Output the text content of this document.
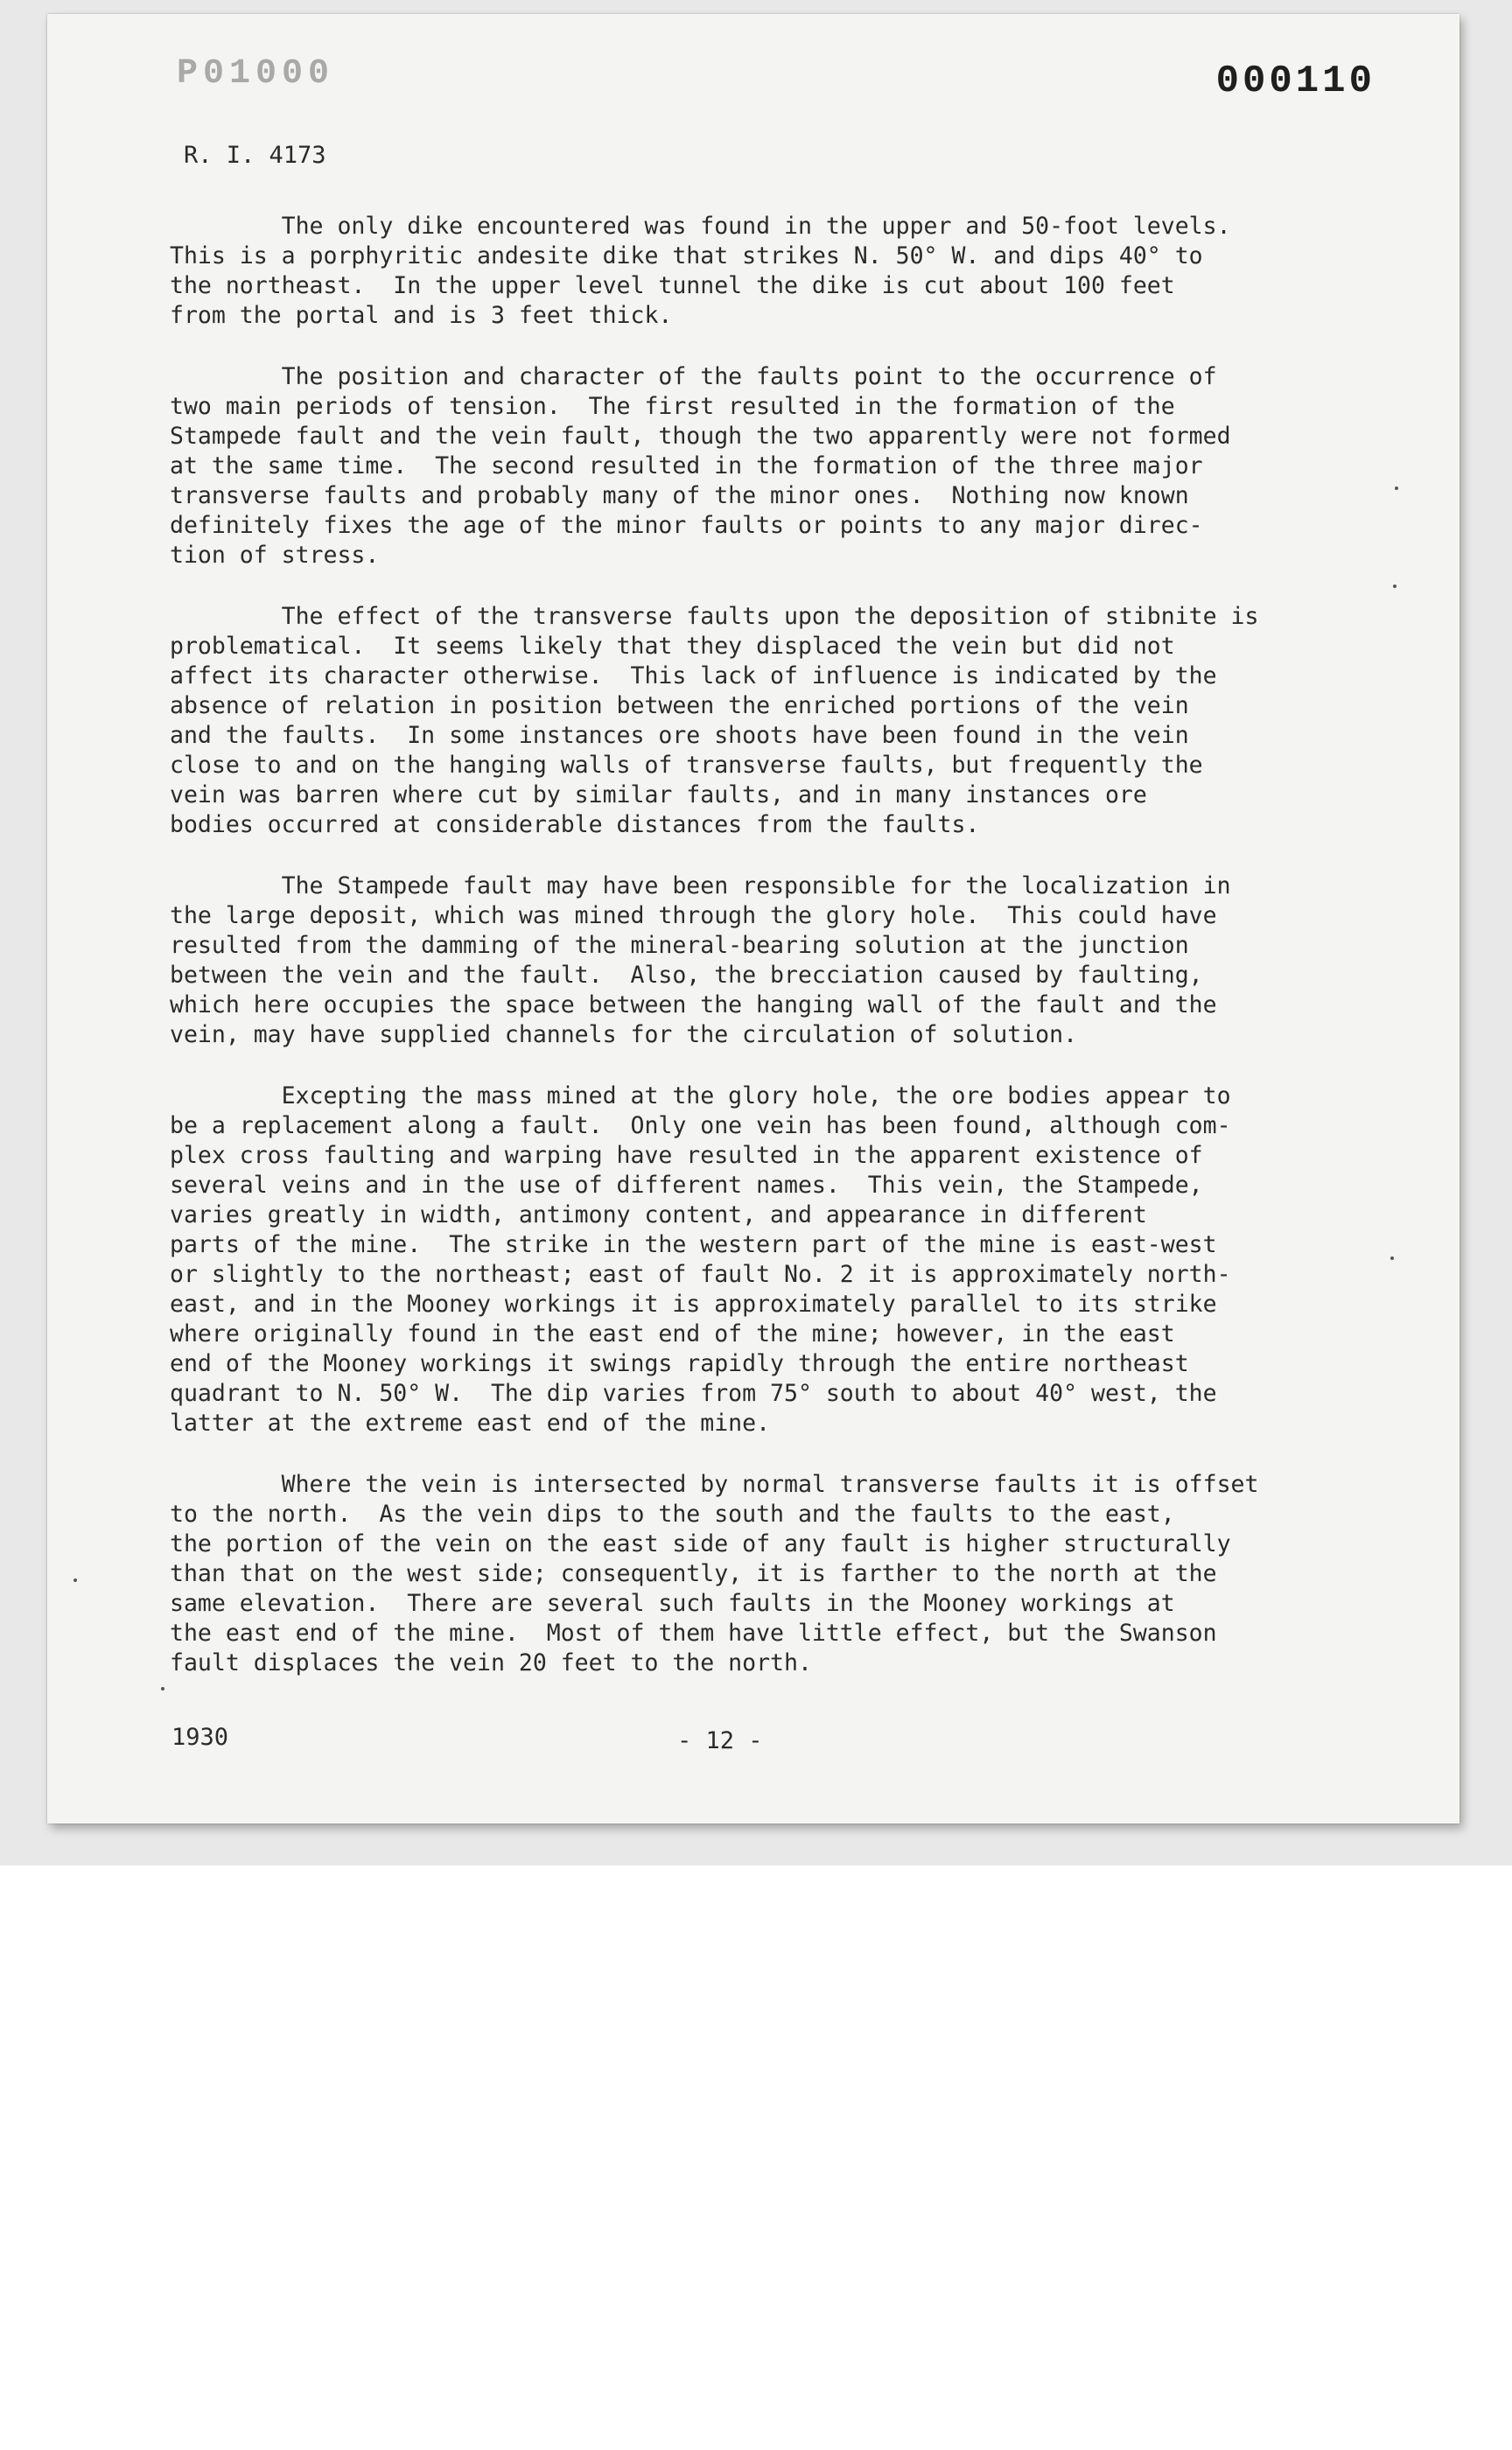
P01000	000110
R. I. 4173

The only dike encountered was found in the upper and 50-foot levels.
This is a porphyritic andesite dike that strikes N. 50° W. and dips 40° to
the northeast.  In the upper level tunnel the dike is cut about 100 feet
from the portal and is 3 feet thick.

The position and character of the faults point to the occurrence of
two main periods of tension.  The first resulted in the formation of the
Stampede fault and the vein fault, though the two apparently were not formed
at the same time.  The second resulted in the formation of the three major
transverse faults and probably many of the minor ones.  Nothing now known
definitely fixes the age of the minor faults or points to any major direc-
tion of stress.

The effect of the transverse faults upon the deposition of stibnite is
problematical.  It seems likely that they displaced the vein but did not
affect its character otherwise.  This lack of influence is indicated by the
absence of relation in position between the enriched portions of the vein
and the faults.  In some instances ore shoots have been found in the vein
close to and on the hanging walls of transverse faults, but frequently the
vein was barren where cut by similar faults, and in many instances ore
bodies occurred at considerable distances from the faults.

The Stampede fault may have been responsible for the localization in
the large deposit, which was mined through the glory hole.  This could have
resulted from the damming of the mineral-bearing solution at the junction
between the vein and the fault.  Also, the brecciation caused by faulting,
which here occupies the space between the hanging wall of the fault and the
vein, may have supplied channels for the circulation of solution.

Excepting the mass mined at the glory hole, the ore bodies appear to
be a replacement along a fault.  Only one vein has been found, although com-
plex cross faulting and warping have resulted in the apparent existence of
several veins and in the use of different names.  This vein, the Stampede,
varies greatly in width, antimony content, and appearance in different
parts of the mine.  The strike in the western part of the mine is east-west
or slightly to the northeast; east of fault No. 2 it is approximately north-
east, and in the Mooney workings it is approximately parallel to its strike
where originally found in the east end of the mine; however, in the east
end of the Mooney workings it swings rapidly through the entire northeast
quadrant to N. 50° W.  The dip varies from 75° south to about 40° west, the
latter at the extreme east end of the mine.

Where the vein is intersected by normal transverse faults it is offset
to the north.  As the vein dips to the south and the faults to the east,
the portion of the vein on the east side of any fault is higher structurally
than that on the west side; consequently, it is farther to the north at the
same elevation.  There are several such faults in the Mooney workings at
the east end of the mine.  Most of them have little effect, but the Swanson
fault displaces the vein 20 feet to the north.

1930	- 12 -
